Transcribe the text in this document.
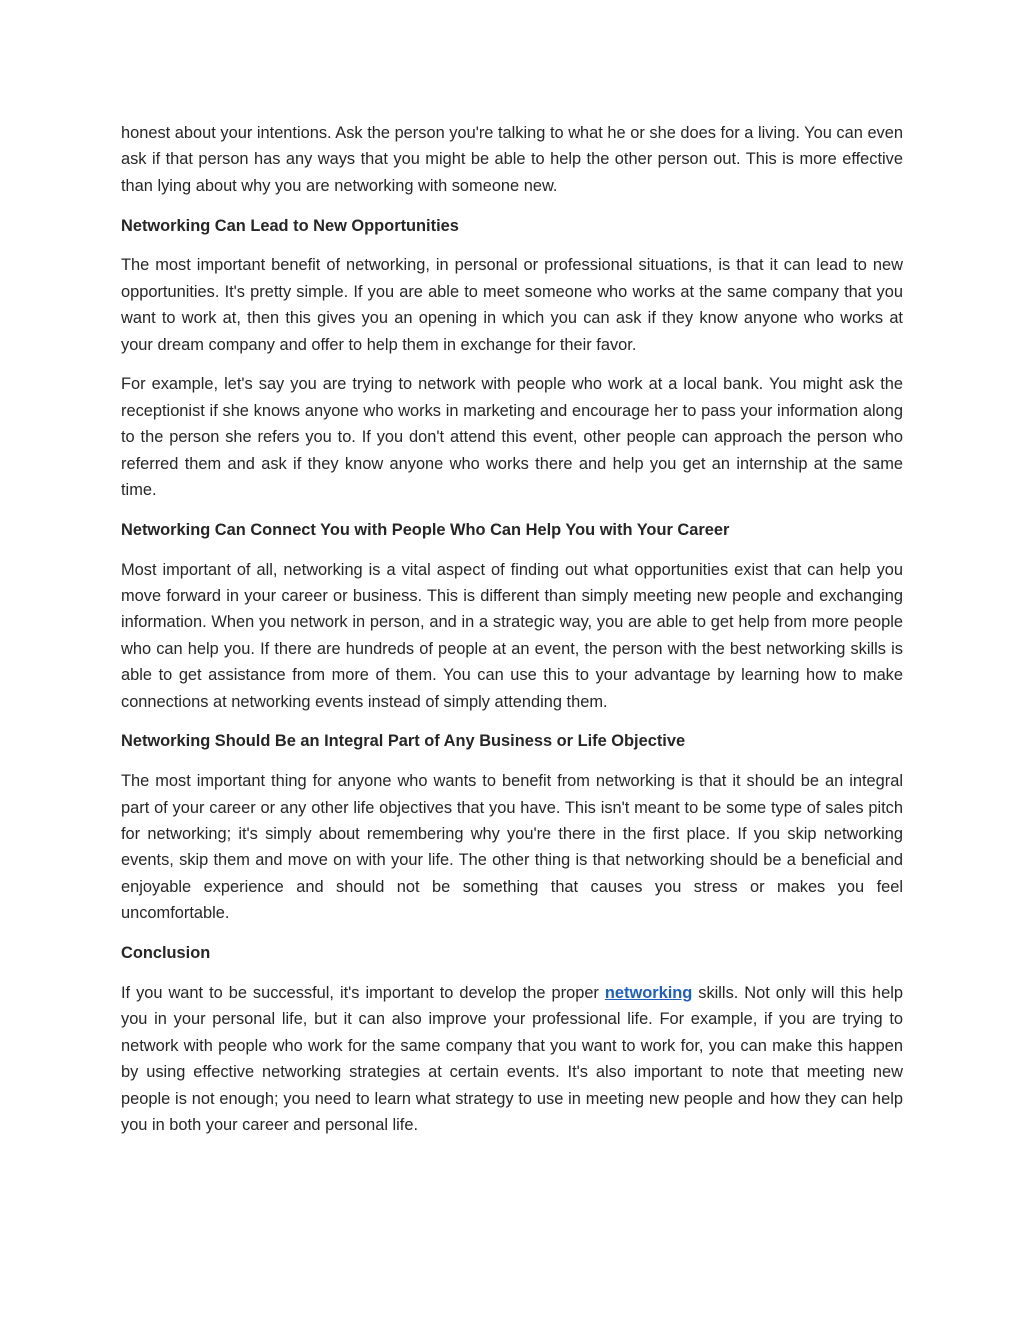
honest about your intentions. Ask the person you're talking to what he or she does for a living. You can even ask if that person has any ways that you might be able to help the other person out. This is more effective than lying about why you are networking with someone new.

Networking Can Lead to New Opportunities

The most important benefit of networking, in personal or professional situations, is that it can lead to new opportunities. It's pretty simple. If you are able to meet someone who works at the same company that you want to work at, then this gives you an opening in which you can ask if they know anyone who works at your dream company and offer to help them in exchange for their favor.

For example, let's say you are trying to network with people who work at a local bank. You might ask the receptionist if she knows anyone who works in marketing and encourage her to pass your information along to the person she refers you to. If you don't attend this event, other people can approach the person who referred them and ask if they know anyone who works there and help you get an internship at the same time.

Networking Can Connect You with People Who Can Help You with Your Career

Most important of all, networking is a vital aspect of finding out what opportunities exist that can help you move forward in your career or business. This is different than simply meeting new people and exchanging information. When you network in person, and in a strategic way, you are able to get help from more people who can help you. If there are hundreds of people at an event, the person with the best networking skills is able to get assistance from more of them. You can use this to your advantage by learning how to make connections at networking events instead of simply attending them.

Networking Should Be an Integral Part of Any Business or Life Objective

The most important thing for anyone who wants to benefit from networking is that it should be an integral part of your career or any other life objectives that you have. This isn't meant to be some type of sales pitch for networking; it's simply about remembering why you're there in the first place. If you skip networking events, skip them and move on with your life. The other thing is that networking should be a beneficial and enjoyable experience and should not be something that causes you stress or makes you feel uncomfortable.

Conclusion

If you want to be successful, it's important to develop the proper networking skills. Not only will this help you in your personal life, but it can also improve your professional life. For example, if you are trying to network with people who work for the same company that you want to work for, you can make this happen by using effective networking strategies at certain events. It's also important to note that meeting new people is not enough; you need to learn what strategy to use in meeting new people and how they can help you in both your career and personal life.
